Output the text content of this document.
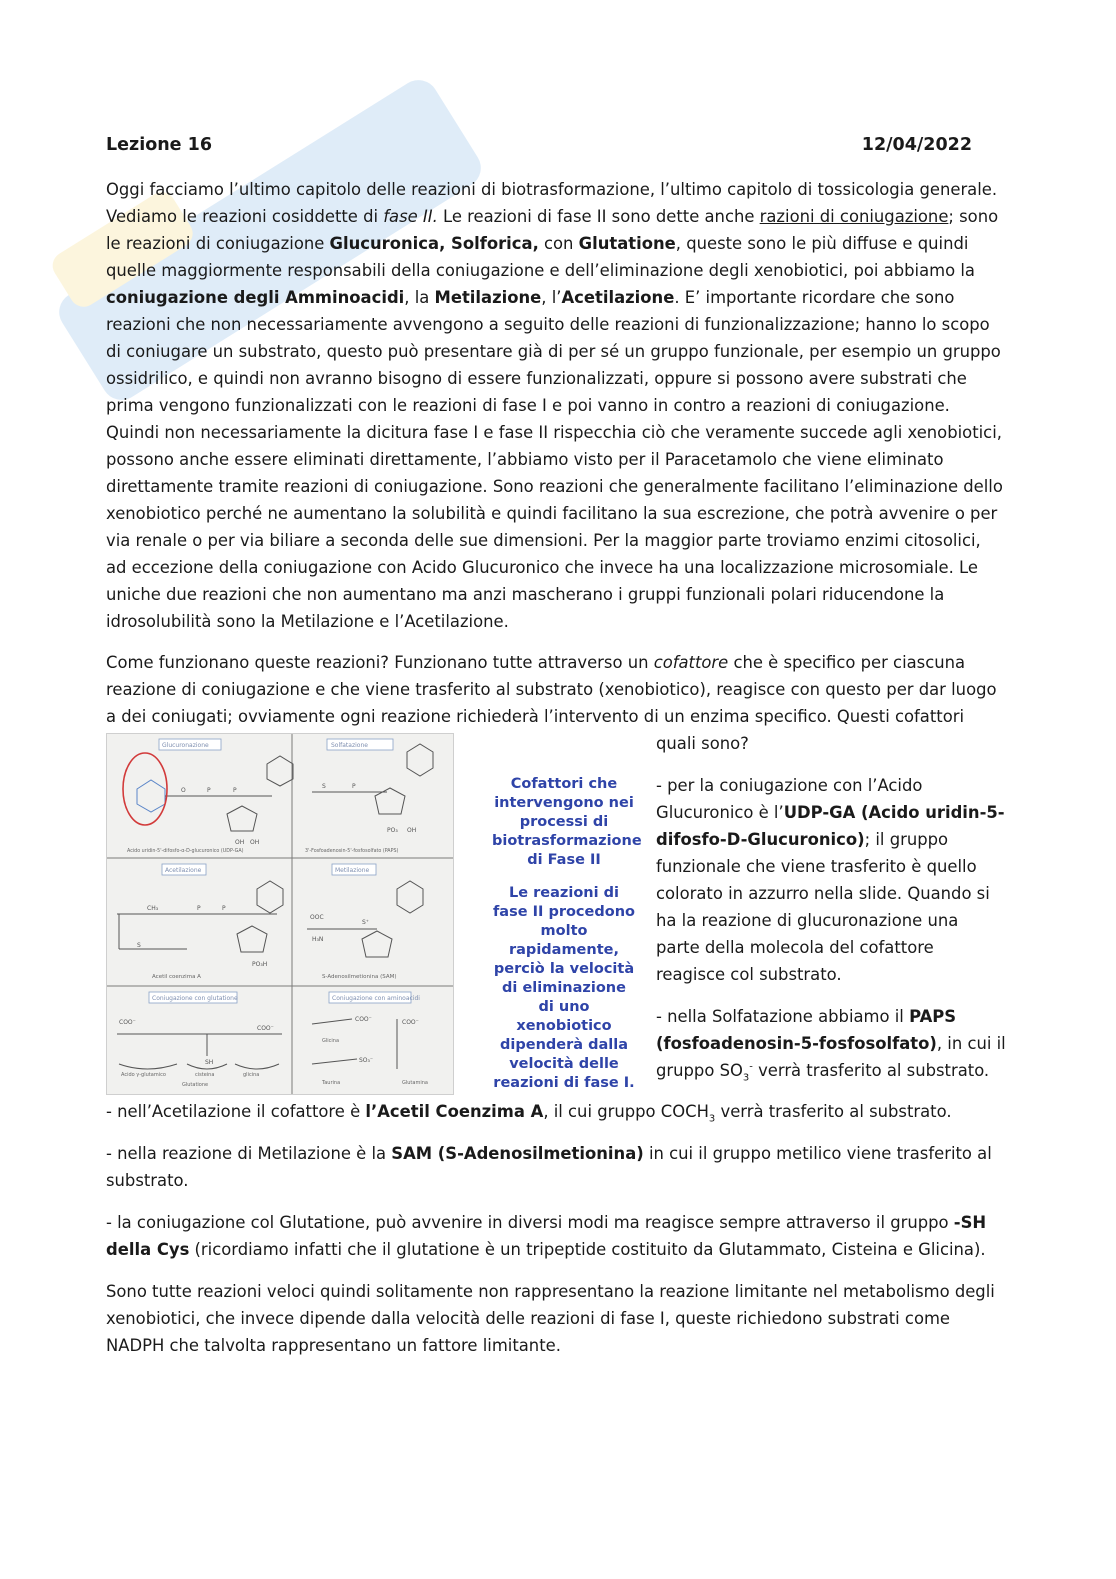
Lezione 16	12/04/2022

Oggi facciamo l’ultimo capitolo delle reazioni di biotrasformazione, l’ultimo capitolo di tossicologia generale. Vediamo le reazioni cosiddette di fase II. Le reazioni di fase II sono dette anche razioni di coniugazione; sono le reazioni di coniugazione Glucuronica, Solforica, con Glutatione, queste sono le più diffuse e quindi quelle maggiormente responsabili della coniugazione e dell’eliminazione degli xenobiotici, poi abbiamo la coniugazione degli Amminoacidi, la Metilazione, l’Acetilazione. E’ importante ricordare che sono reazioni che non necessariamente avvengono a seguito delle reazioni di funzionalizzazione; hanno lo scopo di coniugare un substrato, questo può presentare già di per sé un gruppo funzionale, per esempio un gruppo ossidrilico, e quindi non avranno bisogno di essere funzionalizzati, oppure si possono avere substrati che prima vengono funzionalizzati con le reazioni di fase I e poi vanno in contro a reazioni di coniugazione. Quindi non necessariamente la dicitura fase I e fase II rispecchia ciò che veramente succede agli xenobiotici, possono anche essere eliminati direttamente, l’abbiamo visto per il Paracetamolo che viene eliminato direttamente tramite reazioni di coniugazione. Sono reazioni che generalmente facilitano l’eliminazione dello xenobiotico perché ne aumentano la solubilità e quindi facilitano la sua escrezione, che potrà avvenire o per via renale o per via biliare a seconda delle sue dimensioni. Per la maggior parte troviamo enzimi citosolici, ad eccezione della coniugazione con Acido Glucuronico che invece ha una localizzazione microsomiale. Le uniche due reazioni che non aumentano ma anzi mascherano i gruppi funzionali polari riducendone la idrosolubilità sono la Metilazione e l’Acetilazione.

Come funzionano queste reazioni? Funzionano tutte attraverso un cofattore che è specifico per ciascuna reazione di coniugazione e che viene trasferito al substrato (xenobiotico), reagisce con questo per dar luogo a dei coniugati; ovviamente ogni reazione richiederà l’intervento di un enzima specifico. Questi cofattori

Glucuronazione	Solfatazione
Acetilazione	Metilazione
Coniugazione con glutatione	Coniugazione con aminoacidi
O	P	P
OH OH
Acido uridin-5'-difosfo-α-D-glucuronico (UDP-GA)
S	P
PO₃ OH
3'-Fosfoadenosin-5'-fosfosolfato (PAPS)
CH₃	P	P
S
PO₃H
Acetil coenzima A
OOC
H₃N
S⁺
S-Adenosilmetionina (SAM)
COO⁻
SH
COO⁻
Acido γ-glutamico	cisteina	glicina
Glutatione
COO⁻
SO₃⁻
COO⁻
Glicina
Taurina	Glutamina
Cofattori che intervengono nei processi di biotrasformazione di Fase II
Le reazioni di fase II procedono molto rapidamente, perciò la velocità di eliminazione di uno xenobiotico dipenderà dalla velocità delle reazioni di fase I.

quali sono?

- per la coniugazione con l’Acido Glucuronico è l’UDP-GA (Acido uridin-5-difosfo-D-Glucuronico); il gruppo funzionale che viene trasferito è quello colorato in azzurro nella slide. Quando si ha la reazione di glucuronazione una parte della molecola del cofattore reagisce col substrato.

- nella Solfatazione abbiamo il PAPS (fosfoadenosin-5-fosfosolfato), in cui il gruppo $SO_3^-$ verrà trasferito al substrato.

- nell’Acetilazione il cofattore è l’Acetil Coenzima A, il cui gruppo $COCH_3$ verrà trasferito al substrato.

- nella reazione di Metilazione è la SAM (S-Adenosilmetionina) in cui il gruppo metilico viene trasferito al substrato.

- la coniugazione col Glutatione, può avvenire in diversi modi ma reagisce sempre attraverso il gruppo -SH della Cys (ricordiamo infatti che il glutatione è un tripeptide costituito da Glutammato, Cisteina e Glicina).

Sono tutte reazioni veloci quindi solitamente non rappresentano la reazione limitante nel metabolismo degli xenobiotici, che invece dipende dalla velocità delle reazioni di fase I, queste richiedono substrati come NADPH che talvolta rappresentano un fattore limitante.
